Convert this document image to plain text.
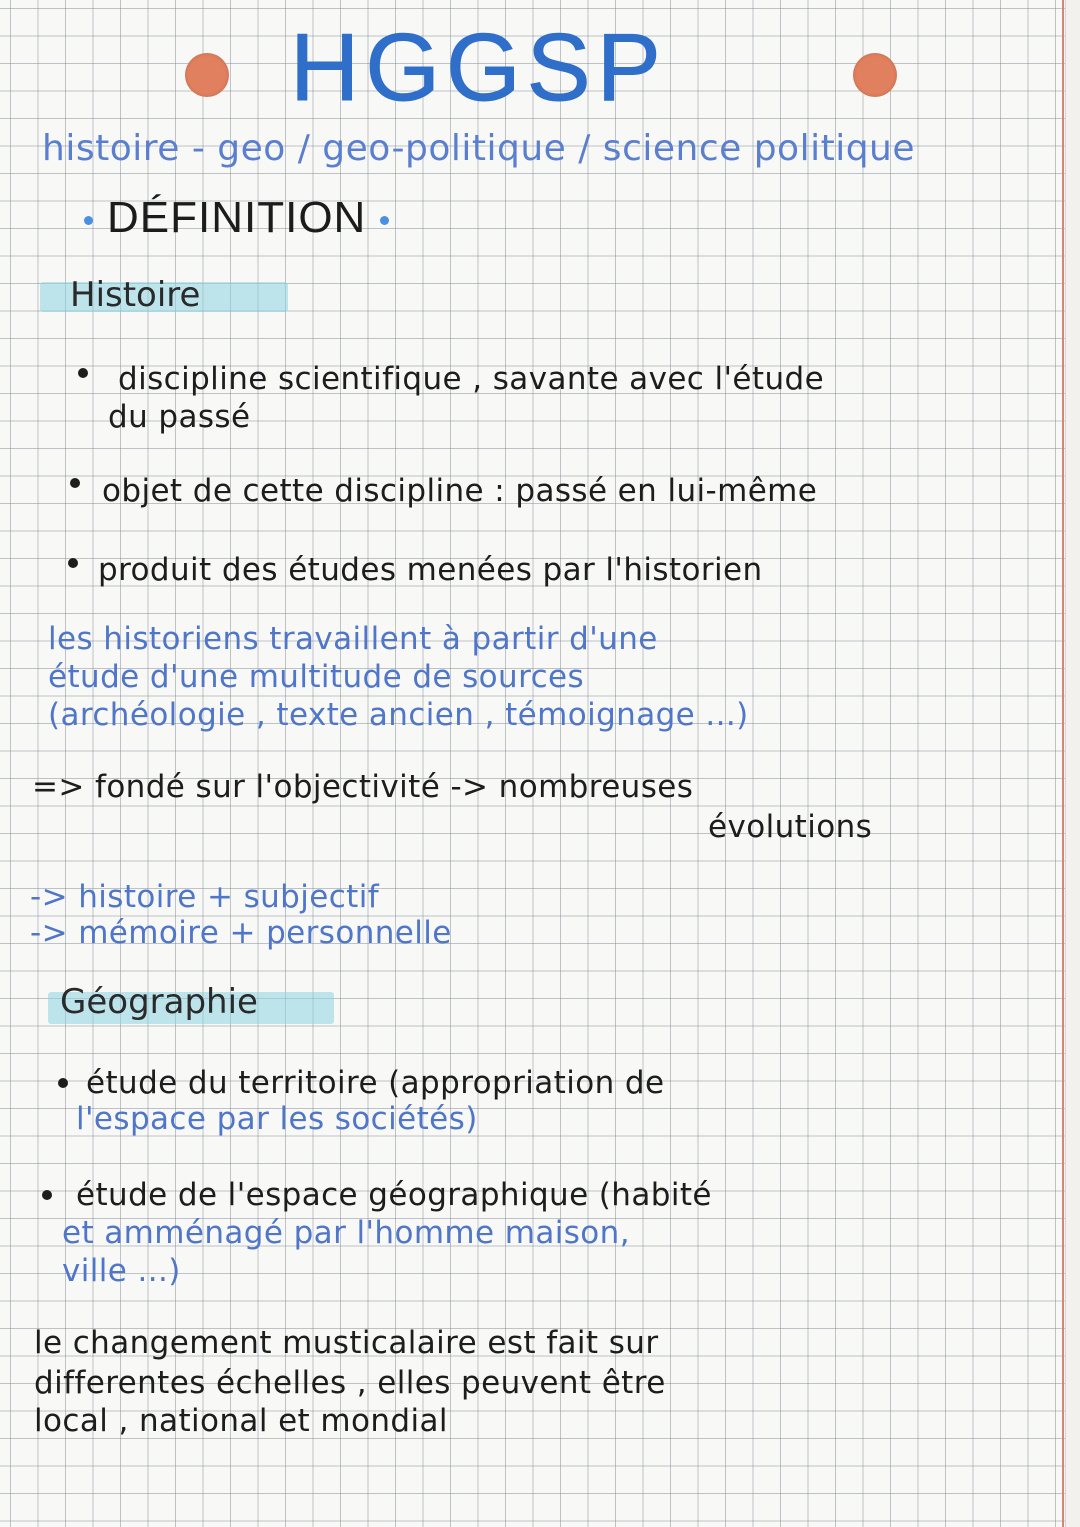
HGGSP
histoire - geo / geo-politique / science politique
DÉFINITION
Histoire
discipline scientifique , savante avec l'étude
du passé
objet de cette discipline : passé en lui-même
produit des études menées par l'historien
les historiens travaillent à partir d'une
étude d'une multitude de sources
(archéologie , texte ancien , témoignage ...)
=> fondé sur l'objectivité -> nombreuses
évolutions
-> histoire + subjectif
-> mémoire + personnelle
Géographie
étude du territoire (appropriation de
l'espace par les sociétés)
étude de l'espace géographique (habité
et amménagé par l'homme maison,
ville ...)
le changement musticalaire est fait sur
differentes échelles , elles peuvent être
local , national et mondial
